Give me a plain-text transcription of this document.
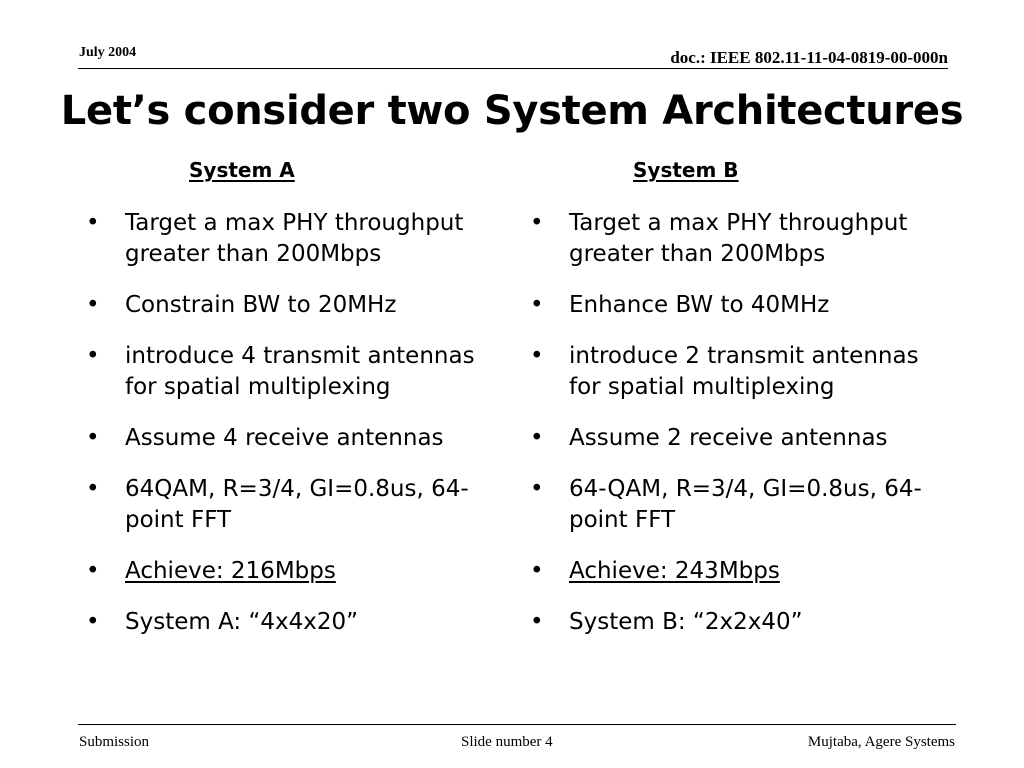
July 2004	doc.: IEEE 802.11-11-04-0819-00-000n
Let’s consider two System Architectures
System A	System B
• Target a max PHY throughput greater than 200Mbps
• Constrain BW to 20MHz
• introduce 4 transmit antennas for spatial multiplexing
• Assume 4 receive antennas
• 64QAM, R=3/4, GI=0.8us, 64-point FFT
• Achieve: 216Mbps
• System A: “4x4x20”
• Target a max PHY throughput greater than 200Mbps
• Enhance BW to 40MHz
• introduce 2 transmit antennas for spatial multiplexing
• Assume 2 receive antennas
• 64-QAM, R=3/4, GI=0.8us, 64-point FFT
• Achieve: 243Mbps
• System B: “2x2x40”
Submission	Slide number 4	Mujtaba, Agere Systems
